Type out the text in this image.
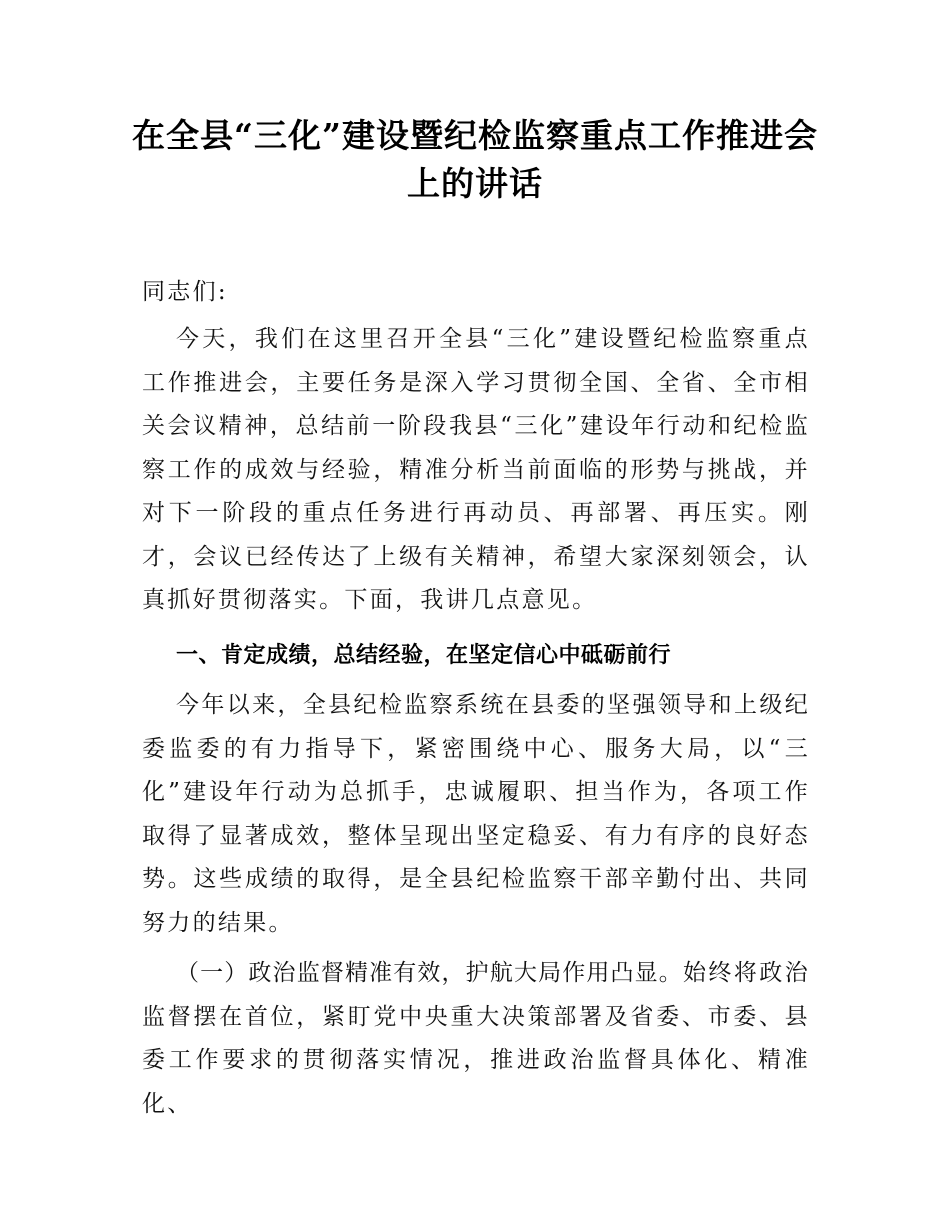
在全县“三化”建设暨纪检监察重点工作推进会上的讲话

同志们:

今天，我们在这里召开全县“三化”建设暨纪检监察重点工作推进会，主要任务是深入学习贯彻全国、全省、全市相关会议精神，总结前一阶段我县“三化”建设年行动和纪检监察工作的成效与经验，精准分析当前面临的形势与挑战，并对下一阶段的重点任务进行再动员、再部署、再压实。刚才，会议已经传达了上级有关精神，希望大家深刻领会，认真抓好贯彻落实。下面，我讲几点意见。

一、肯定成绩，总结经验，在坚定信心中砥砺前行

今年以来，全县纪检监察系统在县委的坚强领导和上级纪委监委的有力指导下，紧密围绕中心、服务大局，以“三化”建设年行动为总抓手，忠诚履职、担当作为，各项工作取得了显著成效，整体呈现出坚定稳妥、有力有序的良好态势。这些成绩的取得，是全县纪检监察干部辛勤付出、共同努力的结果。

（一）政治监督精准有效，护航大局作用凸显。始终将政治监督摆在首位，紧盯党中央重大决策部署及省委、市委、县委工作要求的贯彻落实情况，推进政治监督具体化、精准化、
